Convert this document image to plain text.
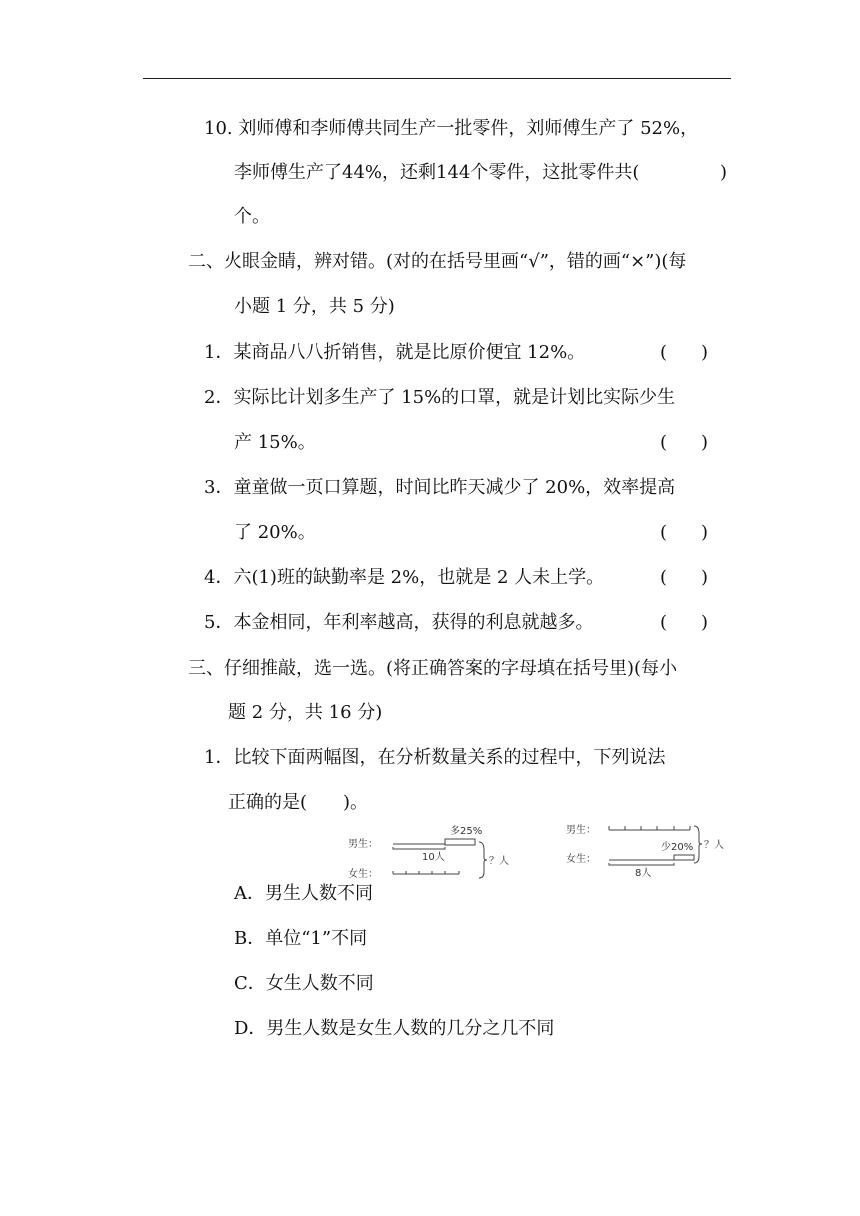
10. 刘师傅和李师傅共同生产一批零件，刘师傅生产了 52%，
李师傅生产了44%，还剩144个零件，这批零件共(	)
个。
二、火眼金睛，辨对错。(对的在括号里画“√”，错的画“×”)(每
小题 1 分，共 5 分)
1．某商品八八折销售，就是比原价便宜 12%。	( )
2．实际比计划多生产了 15%的口罩，就是计划比实际少生
产 15%。	( )
3．童童做一页口算题，时间比昨天减少了 20%，效率提高
了 20%。	( )
4．六(1)班的缺勤率是 2%，也就是 2 人未上学。	( )
5．本金相同，年利率越高，获得的利息就越多。	( )
三、仔细推敲，选一选。(将正确答案的字母填在括号里)(每小
题 2 分，共 16 分)
1．比较下面两幅图，在分析数量关系的过程中，下列说法
正确的是(　　)。
男生：
女生：
多25%
10人	？人
男生：
女生：
少20%
8人
？人
A．男生人数不同
B．单位“1”不同
C．女生人数不同
D．男生人数是女生人数的几分之几不同
